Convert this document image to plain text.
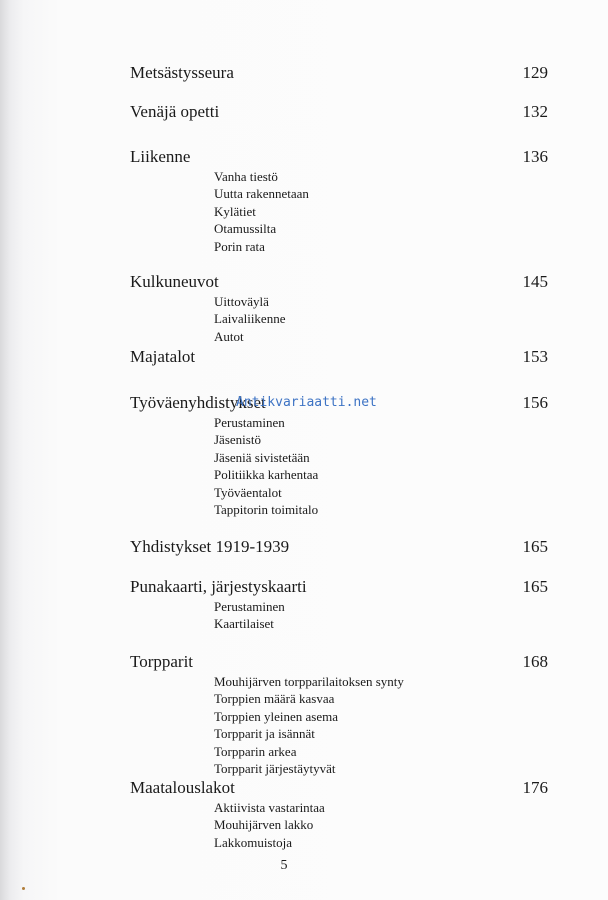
Metsästysseura	129
Venäjä opetti	132
Liikenne	136
Vanha tiestö
Uutta rakennetaan
Kylätiet
Otamussilta
Porin rata
Kulkuneuvot	145
Uittoväylä
Laivaliikenne
Autot
Majatalot	153
Työväenyhdistykset	156
Perustaminen
Jäsenistö
Jäseniä sivistetään
Politiikka karhentaa
Työväentalot
Tappitorin toimitalo
Yhdistykset 1919-1939	165
Punakaarti, järjestyskaarti	165
Perustaminen
Kaartilaiset
Torpparit	168
Mouhijärven torpparilaitoksen synty
Torppien määrä kasvaa
Torppien yleinen asema
Torpparit ja isännät
Torpparin arkea
Torpparit järjestäytyvät
Maatalouslakot	176
Aktiivista vastarintaa
Mouhijärven lakko
Lakkomuistoja
Antikvariaatti.net
5
